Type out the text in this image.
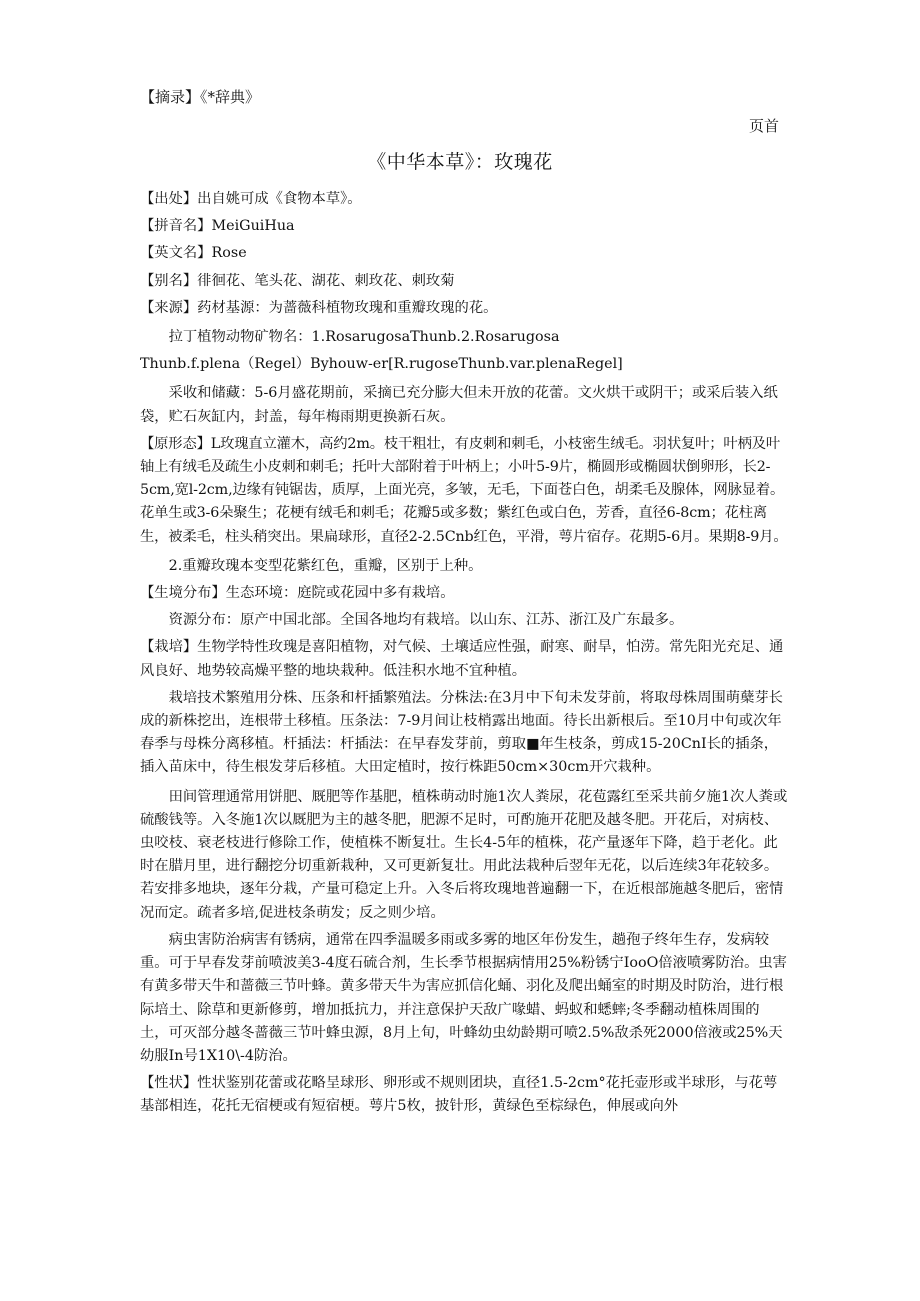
【摘录】《*辞典》
页首
《中华本草》：玫瑰花

【出处】出自姚可成《食物本草》。

【拼音名】MeiGuiHua

【英文名】Rose

【别名】徘徊花、笔头花、湖花、刺玫花、刺玫菊

【来源】药材基源：为蔷薇科植物玫瑰和重瓣玫瑰的花。

拉丁植物动物矿物名：1.RosarugosaThunb.2.Rosarugosa

Thunb.f.plena（Regel）Byhouw-er[R.rugoseThunb.var.plenaRegel]

采收和储藏：5-6月盛花期前，采摘已充分膨大但未开放的花蕾。文火烘干或阴干；或采后装入纸袋，贮石灰缸内，封盖，每年梅雨期更换新石灰。

【原形态】L玫瑰直立灌木，高约2m。枝干粗壮，有皮刺和刺毛，小枝密生绒毛。羽状复叶；叶柄及叶轴上有绒毛及疏生小皮刺和刺毛；托叶大部附着于叶柄上；小叶5-9片，椭圆形或椭圆状倒卵形，长2-5cm,宽l-2cm,边缘有钝锯齿，质厚，上面光亮，多皱，无毛，下面苍白色，胡柔毛及腺体，网脉显着。花单生或3-6朵聚生；花梗有绒毛和刺毛；花瓣5或多数；紫红色或白色，芳香，直径6-8cm；花柱离生，被柔毛，柱头稍突出。果扁球形，直径2-2.5Cnb红色，平滑，萼片宿存。花期5-6月。果期8-9月。

2.重瓣玫瑰本变型花紫红色，重瓣，区别于上种。

【生境分布】生态环境：庭院或花园中多有栽培。

资源分布：原产中国北部。全国各地均有栽培。以山东、江苏、浙江及广东最多。

【栽培】生物学特性玫瑰是喜阳植物，对气候、土壤适应性强，耐寒、耐旱，怕涝。常先阳光充足、通风良好、地势较高燥平整的地块栽种。低洼积水地不宜种植。

栽培技术繁殖用分株、压条和杆插繁殖法。分株法:在3月中下旬未发芽前，将取母株周围萌蘖芽长成的新株挖出，连根带土移植。压条法：7-9月间让枝梢露出地面。待长出新根后。至10月中旬或次年春季与母株分离移植。杆插法：杆插法：在早春发芽前，剪取■年生枝条，剪成15-20CnI长的插条，插入苗床中，待生根发芽后移植。大田定植时，按行株距50cm×30cm开穴栽种。

田间管理通常用饼肥、厩肥等作基肥，植株萌动时施1次人粪尿，花苞露红至采共前夕施1次人粪或硫酸钱等。入冬施1次以厩肥为主的越冬肥，肥源不足时，可酌施开花肥及越冬肥。开花后，对病枝、虫咬枝、衰老枝进行修除工作，使植株不断复壮。生长4-5年的植株，花产量逐年下降，趋于老化。此时在腊月里，进行翻挖分切重新栽种，又可更新复壮。用此法栽种后翌年无花，以后连续3年花较多。若安排多地块，逐年分栽，产量可稳定上升。入冬后将玫瑰地普遍翻一下，在近根部施越冬肥后，密情况而定。疏者多培,促进枝条萌发；反之则少培。

病虫害防治病害有锈病，通常在四季温暖多雨或多雾的地区年份发生，趟孢子终年生存，发病较重。可于早春发芽前喷波美3-4度石硫合剂，生长季节根据病情用25%粉锈宁IooO倍液喷雾防治。虫害有黄多带天牛和蔷薇三节叶蜂。黄多带天牛为害应抓信化蛹、羽化及爬出蛹室的时期及时防治，进行根际培土、除草和更新修剪，增加抵抗力，并注意保护天敌广喙蜡、蚂蚁和蟋蟀;冬季翻动植株周围的土，可灭部分越冬蔷薇三节叶蜂虫源，8月上旬，叶蜂幼虫幼龄期可喷2.5%敌杀死2000倍液或25%天幼服In号1X10\-4防治。

【性状】性状鉴别花蕾或花略呈球形、卵形或不规则团块，直径1.5-2cm°花托壶形或半球形，与花萼基部相连，花托无宿梗或有短宿梗。萼片5枚，披针形，黄绿色至棕绿色，伸展或向外
